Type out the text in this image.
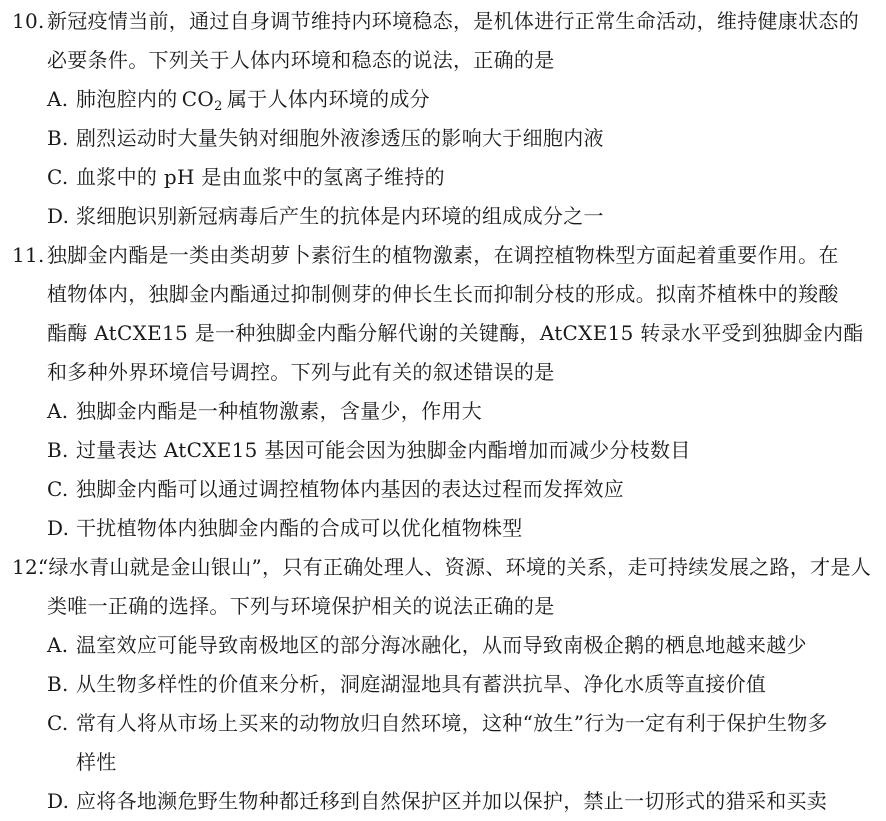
10. 新冠疫情当前，通过自身调节维持内环境稳态，是机体进行正常生命活动，维持健康状态的
必要条件。下列关于人体内环境和稳态的说法，正确的是
A. 肺泡腔内的  $CO_2$  属于人体内环境的成分
B. 剧烈运动时大量失钠对细胞外液渗透压的影响大于细胞内液
C. 血浆中的 pH 是由血浆中的氢离子维持的
D. 浆细胞识别新冠病毒后产生的抗体是内环境的组成成分之一
11. 独脚金内酯是一类由类胡萝卜素衍生的植物激素，在调控植物株型方面起着重要作用。在
植物体内，独脚金内酯通过抑制侧芽的伸长生长而抑制分枝的形成。拟南芥植株中的羧酸
酯酶 AtCXE15 是一种独脚金内酯分解代谢的关键酶，AtCXE15 转录水平受到独脚金内酯
和多种外界环境信号调控。下列与此有关的叙述错误的是
A. 独脚金内酯是一种植物激素，含量少，作用大
B. 过量表达 AtCXE15 基因可能会因为独脚金内酯增加而减少分枝数目
C. 独脚金内酯可以通过调控植物体内基因的表达过程而发挥效应
D. 干扰植物体内独脚金内酯的合成可以优化植物株型
12.
“绿水青山就是金山银山”，只有正确处理人、资源、环境的关系，走可持续发展之路，才是人
类唯一正确的选择。下列与环境保护相关的说法正确的是
A. 温室效应可能导致南极地区的部分海冰融化，从而导致南极企鹅的栖息地越来越少
B. 从生物多样性的价值来分析，洞庭湖湿地具有蓄洪抗旱、净化水质等直接价值
C. 常有人将从市场上买来的动物放归自然环境，这种“放生”行为一定有利于保护生物多
样性
D. 应将各地濒危野生物种都迁移到自然保护区并加以保护，禁止一切形式的猎采和买卖
